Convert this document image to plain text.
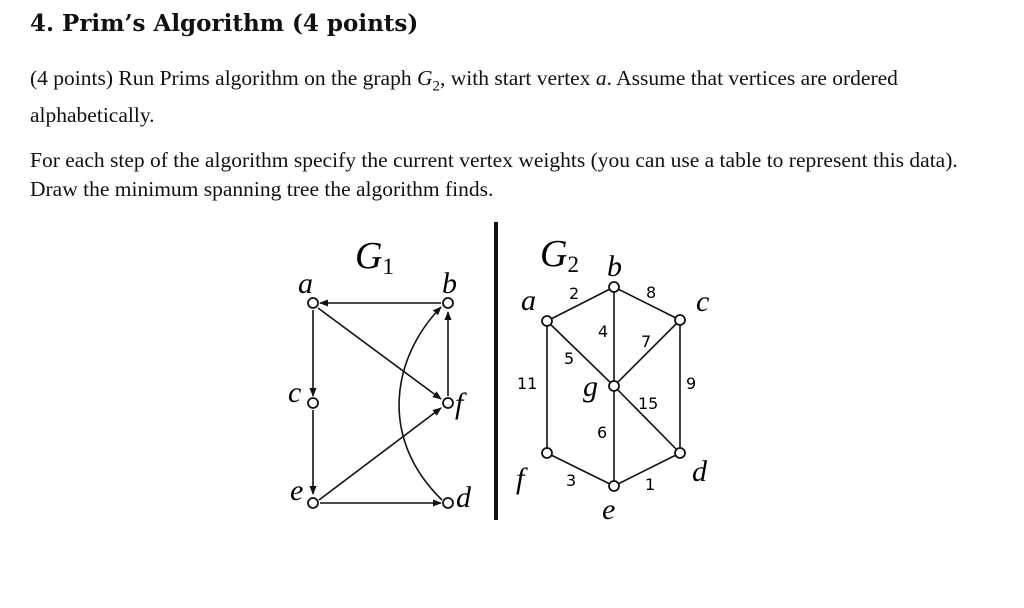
4. Prim’s Algorithm (4 points)

(4 points) Run Prims algorithm on the graph $G_2$, with start vertex a. Assume that vertices are ordered alphabetically.

For each step of the algorithm specify the current vertex weights (you can use a table to represent this data). Draw the minimum spanning tree the algorithm finds.

G1
a	b
c	f
e	d
G2
a
b
c
g
d
f
e
2	8
4
7
5
11	9
15
6
3	1
